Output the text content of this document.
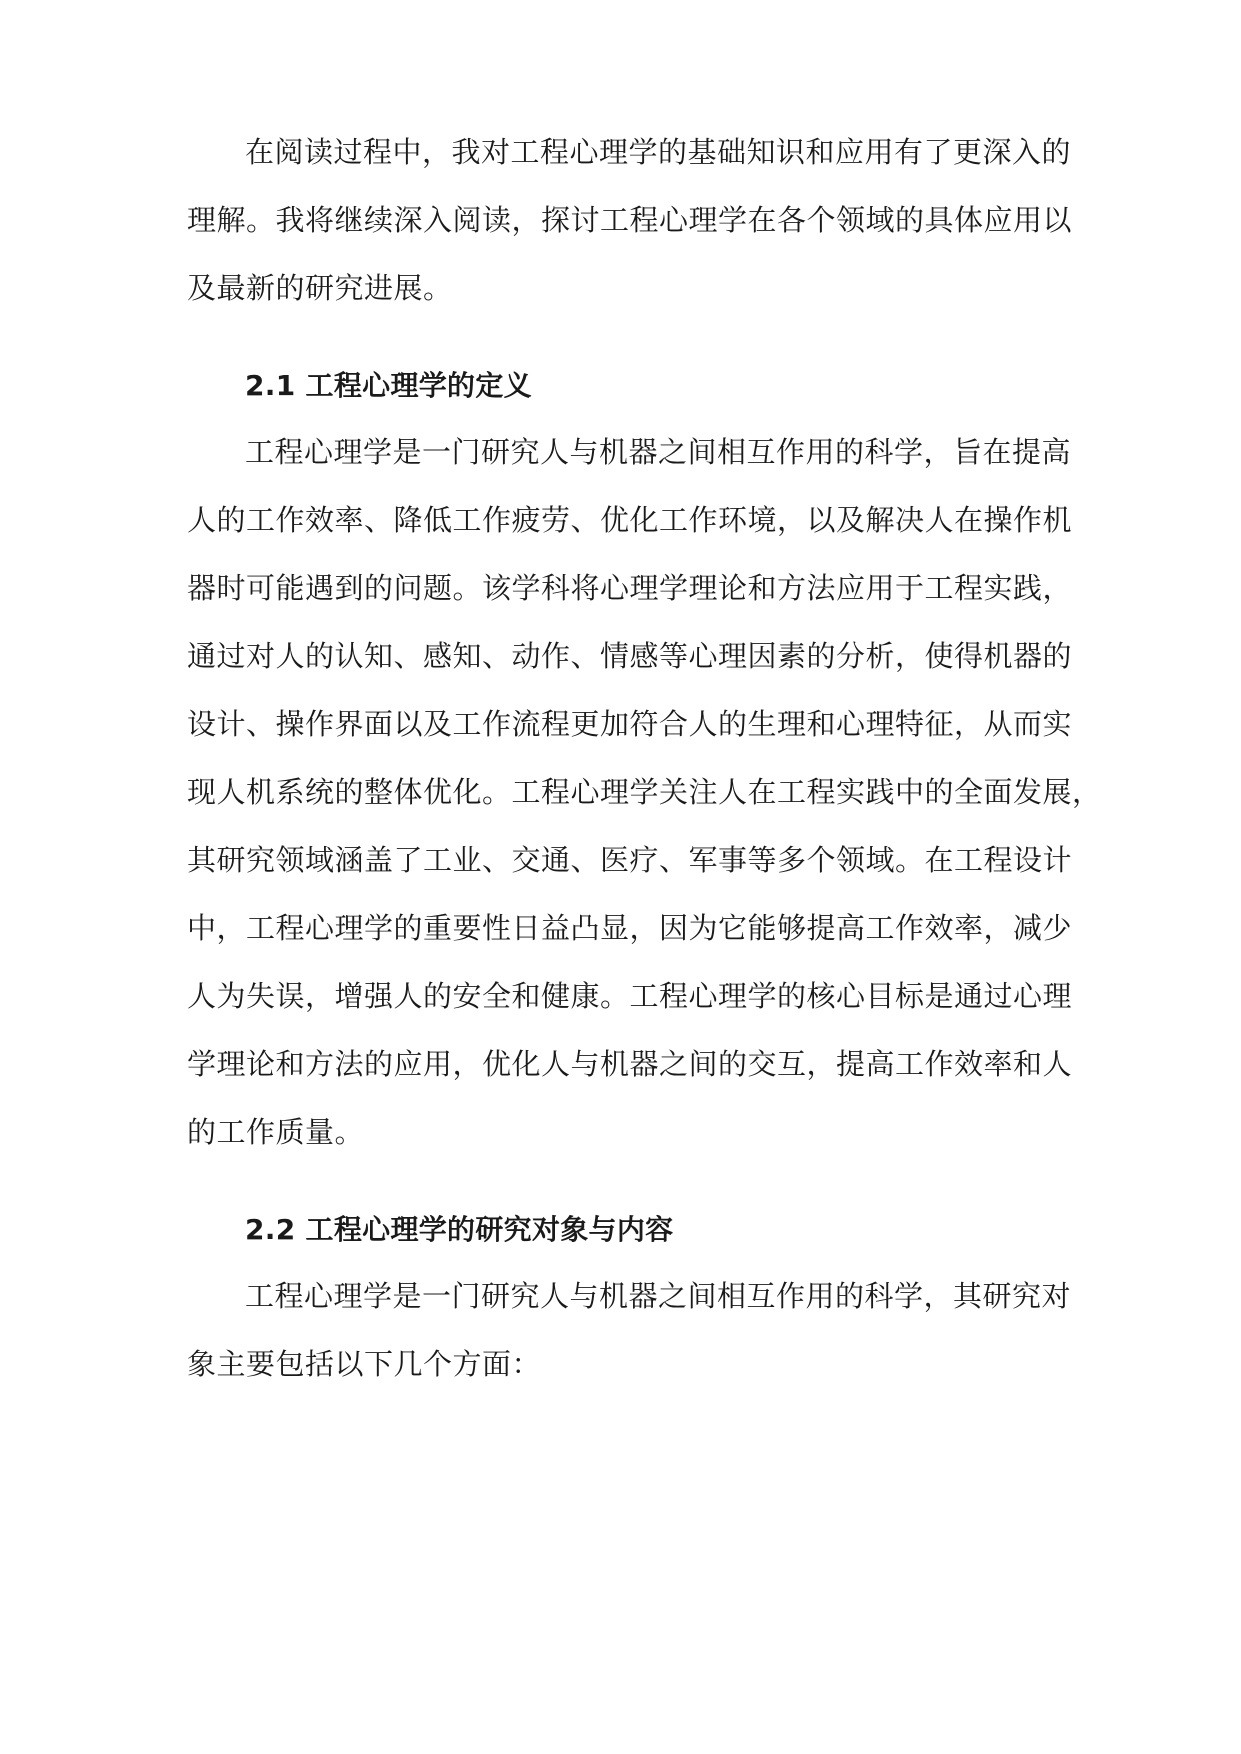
在阅读过程中，我对工程心理学的基础知识和应用有了更深入的
理解。我将继续深入阅读，探讨工程心理学在各个领域的具体应用以
及最新的研究进展。
2.1 工程心理学的定义
工程心理学是一门研究人与机器之间相互作用的科学，旨在提高
人的工作效率、降低工作疲劳、优化工作环境，以及解决人在操作机
器时可能遇到的问题。该学科将心理学理论和方法应用于工程实践，
通过对人的认知、感知、动作、情感等心理因素的分析，使得机器的
设计、操作界面以及工作流程更加符合人的生理和心理特征，从而实
现人机系统的整体优化。工程心理学关注人在工程实践中的全面发展，
其研究领域涵盖了工业、交通、医疗、军事等多个领域。在工程设计
中，工程心理学的重要性日益凸显，因为它能够提高工作效率，减少
人为失误，增强人的安全和健康。工程心理学的核心目标是通过心理
学理论和方法的应用，优化人与机器之间的交互，提高工作效率和人
的工作质量。
2.2 工程心理学的研究对象与内容
工程心理学是一门研究人与机器之间相互作用的科学，其研究对
象主要包括以下几个方面：
